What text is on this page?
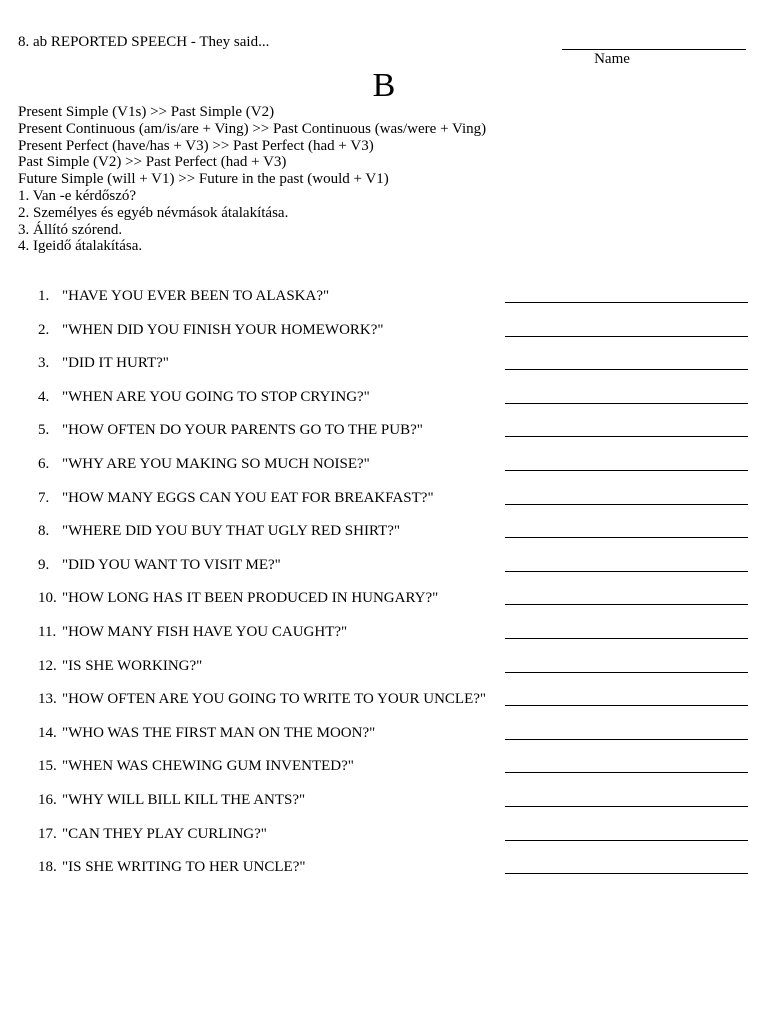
8. ab REPORTED SPEECH - They said...
Name
B
Present Simple (V1s) >> Past Simple (V2)
Present Continuous (am/is/are + Ving) >> Past Continuous (was/were + Ving)
Present Perfect (have/has + V3) >> Past Perfect (had + V3)
Past Simple (V2) >> Past Perfect (had + V3)
Future Simple (will + V1) >> Future in the past (would + V1)
1. Van -e kérdőszó?
2. Személyes és egyéb névmások átalakítása.
3. Állító szórend.
4. Igeidő átalakítása.
1. "HAVE YOU EVER BEEN TO ALASKA?"
2. "WHEN DID YOU FINISH YOUR HOMEWORK?"
3. "DID IT HURT?"
4. "WHEN ARE YOU GOING TO STOP CRYING?"
5. "HOW OFTEN DO YOUR PARENTS GO TO THE PUB?"
6. "WHY ARE YOU MAKING SO MUCH NOISE?"
7. "HOW MANY EGGS CAN YOU EAT FOR BREAKFAST?"
8. "WHERE DID YOU BUY THAT UGLY RED SHIRT?"
9. "DID YOU WANT TO VISIT ME?"
10. "HOW LONG HAS IT BEEN PRODUCED IN HUNGARY?"
11. "HOW MANY FISH HAVE YOU CAUGHT?"
12. "IS SHE WORKING?"
13. "HOW OFTEN ARE YOU GOING TO WRITE TO YOUR UNCLE?"
14. "WHO WAS THE FIRST MAN ON THE MOON?"
15. "WHEN WAS CHEWING GUM INVENTED?"
16. "WHY WILL BILL KILL THE ANTS?"
17. "CAN THEY PLAY CURLING?"
18. "IS SHE WRITING TO HER UNCLE?"
